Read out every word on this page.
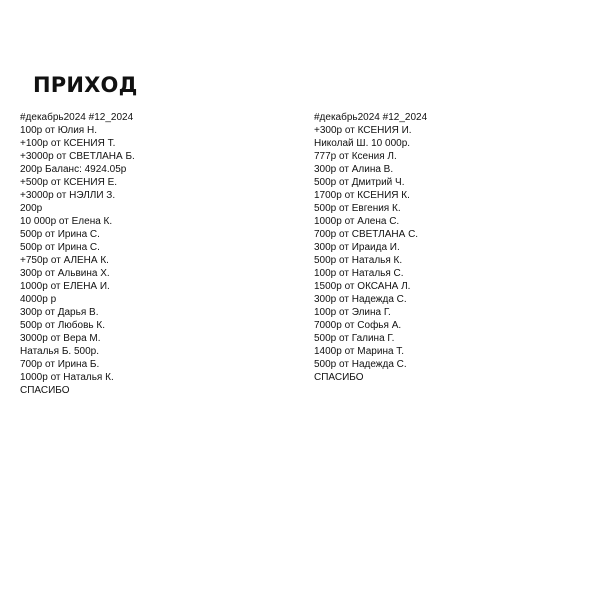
ПРИХОД
#декабрь2024 #12_2024
100р от Юлия Н.
+100р от КСЕНИЯ Т.
+3000р от СВЕТЛАНА Б.
200р Баланс: 4924.05р
+500р от КСЕНИЯ Е.
+3000р от НЭЛЛИ З.
200р
10 000р от Елена К.
500р от Ирина С.
500р от Ирина С.
+750р от АЛЕНА К.
300р от Альвина Х.
1000р от ЕЛЕНА И.
4000р р
300р от Дарья В.
500р от Любовь К.
3000р от Вера М.
Наталья Б. 500р.
700р от Ирина Б.
1000р от Наталья К.
СПАСИБО
#декабрь2024 #12_2024
+300р от КСЕНИЯ И.
Николай Ш. 10 000р.
777р от Ксения Л.
300р от Алина В.
500р от Дмитрий Ч.
1700р от КСЕНИЯ К.
500р от Евгения К.
1000р от Алена С.
700р от СВЕТЛАНА С.
300р от Ираида И.
500р от Наталья К.
100р от Наталья С.
1500р от ОКСАНА Л.
300р от Надежда С.
100р от Элина Г.
7000р от Софья А.
500р от Галина Г.
1400р от Марина Т.
500р от Надежда С.
СПАСИБО
